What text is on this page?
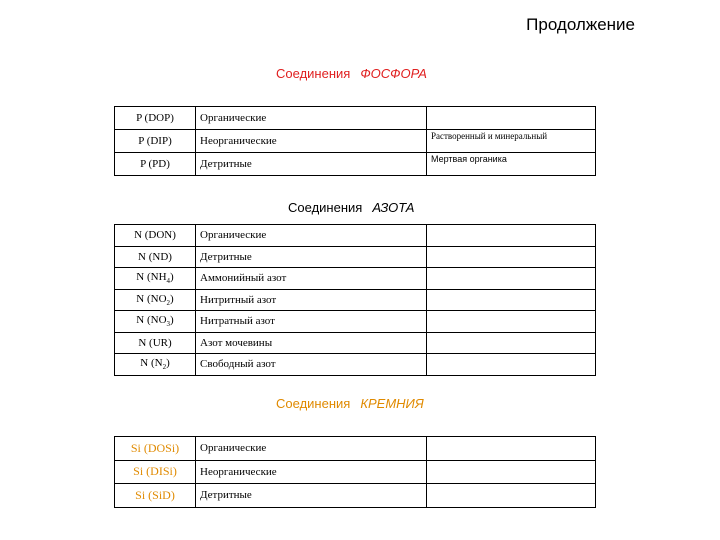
Продолжение
Соединения ФОСФОРА
P (DOP)	Органические	
P (DIP)	Неорганические	Растворенный и минеральный
P (PD)	Детритные	Мертвая органика
Соединения АЗОТА
N (DON)	Органические	
N (ND)	Детритные	
N $(NH_4)$	Аммонийный азот	
N $(NO_2)$	Нитритный азот	
N $(NO_3)$	Нитратный азот	
N (UR)	Азот мочевины	
N $(N_2)$	Свободный азот	
Соединения КРЕМНИЯ
Si (DOSi)	Органические	
Si (DISi)	Неорганические	
Si (SiD)	Детритные	
